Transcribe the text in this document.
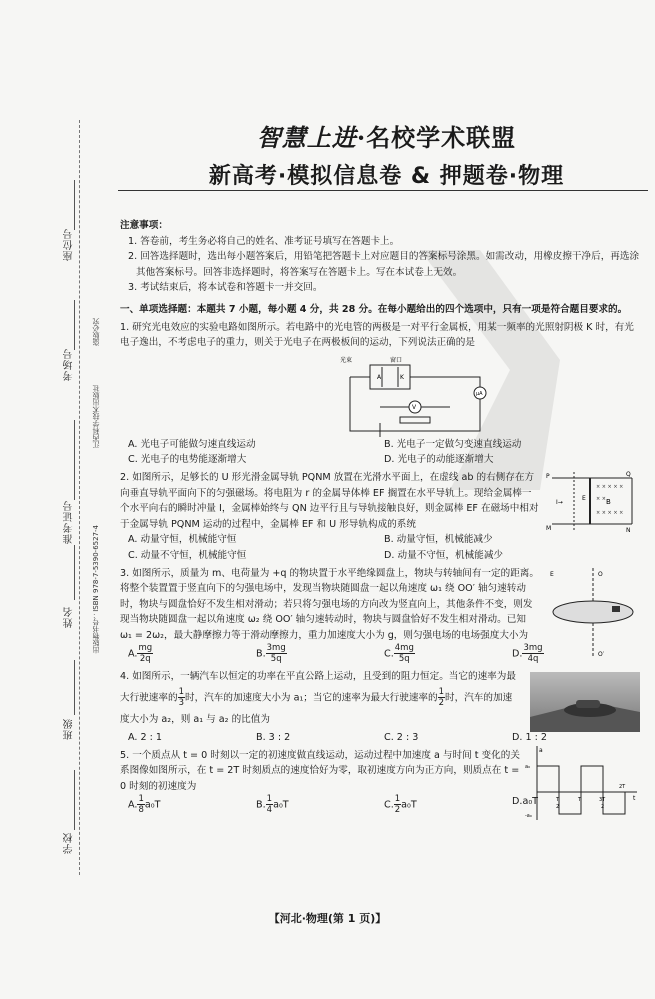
座位号
考场号
准考证号
姓名
班级
学校
盗版必究
江西科学技术出版社
出版物书号：ISBN 978-7-5390-6527-4
智慧上进·名校学术联盟
新高考·模拟信息卷 & 押题卷·物理
注意事项：

1. 答卷前，考生务必将自己的姓名、准考证号填写在答题卡上。

2. 回答选择题时，选出每小题答案后，用铅笔把答题卡上对应题目的答案标号涂黑。如需改动，用橡皮擦干净后，再选涂其他答案标号。回答非选择题时，将答案写在答题卡上。写在本试卷上无效。

3. 考试结束后，将本试卷和答题卡一并交回。

一、单项选择题：本题共 7 小题，每小题 4 分，共 28 分。在每小题给出的四个选项中，只有一项是符合题目要求的。

1. 研究光电效应的实验电路如图所示。若电路中的光电管的两极是一对平行金属板，用某一频率的光照射阴极 K 时，有光电子逸出，不考虑电子的重力，则关于光电子在两极板间的运动，下列说法正确的是

光束	窗口
A	K
μA
V
A. 光电子可能做匀速直线运动	B. 光电子一定做匀变速直线运动
C. 光电子的电势能逐渐增大	D. 光电子的动能逐渐增大

2. 如图所示，足够长的 U 形光滑金属导轨 PQNM 放置在光滑水平面上，在虚线 ab 的右侧存在方向垂直导轨平面向下的匀强磁场。将电阻为 r 的金属导体棒 EF 搁置在水平导轨上。现给金属棒一个水平向右的瞬时冲量 I，金属棒始终与 QN 边平行且与导轨接触良好，则金属棒 EF 在磁场中相对于金属导轨 PQNM 运动的过程中，金属棒 EF 和 U 形导轨构成的系统

P
M
Q
N
B
E
I→
× × × × ×
× ×
× × × × ×
A. 动量守恒，机械能守恒	B. 动量守恒，机械能减少
C. 动量不守恒，机械能守恒	D. 动量不守恒，机械能减少

3. 如图所示，质量为 m、电荷量为 +q 的物块置于水平绝缘圆盘上，物块与转轴间有一定的距离。将整个装置置于竖直向下的匀强电场中，发现当物块随圆盘一起以角速度 ω₁ 绕 OO′ 轴匀速转动时，物块与圆盘恰好不发生相对滑动；若只将匀强电场的方向改为竖直向上，其他条件不变，则发现当物块随圆盘一起以角速度 ω₂ 绕 OO′ 轴匀速转动时，物块与圆盘恰好不发生相对滑动。已知 ω₁ = 2ω₂，最大静摩擦力等于滑动摩擦力，重力加速度大小为 g，则匀强电场的电场强度大小为

O
O′
E
A. $\frac{mg}{2q}$	B. $\frac{3mg}{5q}$	C. $\frac{4mg}{5q}$	D. $\frac{3mg}{4q}$

4. 如图所示，一辆汽车以恒定的功率在平直公路上运动，且受到的阻力恒定。当它的速率为最大行驶速率的 $\frac{1}{3}$ 时，汽车的加速度大小为 a₁；当它的速率为最大行驶速率的 $\frac{1}{2}$ 时，汽车的加速度大小为 a₂，则 a₁ 与 a₂ 的比值为

A. 2 : 1	B. 3 : 2	C. 2 : 3	D. 1 : 2

5. 一个质点从 t = 0 时刻以一定的初速度做直线运动，运动过程中加速度 a 与时间 t 变化的关系图像如图所示，在 t = 2T 时刻质点的速度恰好为零，取初速度方向为正方向，则质点在 t = 0 时刻的初速度为

a
a₀
-a₀
T
2
T	3T
2
2T
t
A. $\frac{1}{8} a_0T$	B. $\frac{1}{4} a_0T$	C. $\frac{1}{2} a_0T$	D.a₀T
【河北·物理(第 1 页)】
